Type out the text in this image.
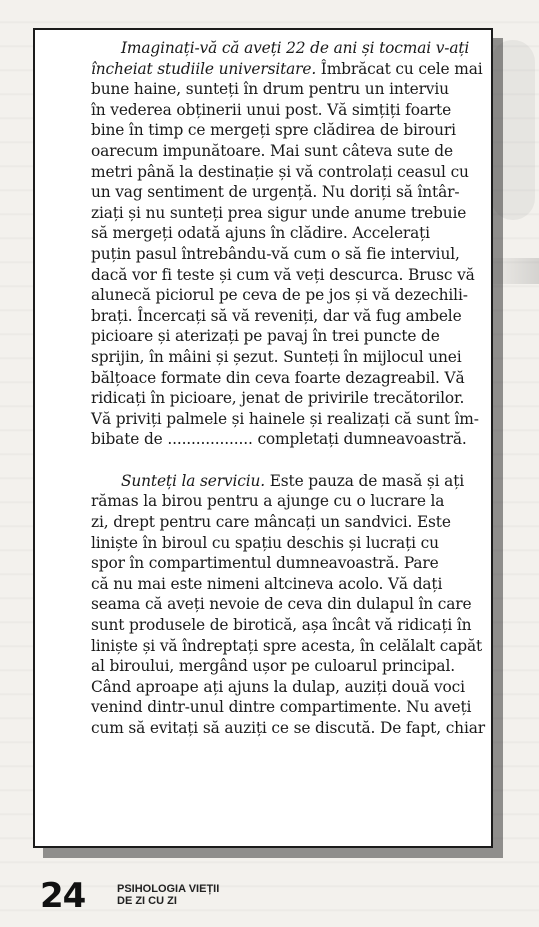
Imaginați-vă că aveți 22 de ani și tocmai v-ați
încheiat studiile universitare. Îmbrăcat cu cele mai
bune haine, sunteți în drum pentru un interviu
în vederea obținerii unui post. Vă simțiți foarte
bine în timp ce mergeți spre clădirea de birouri
oarecum impunătoare. Mai sunt câteva sute de
metri până la destinație și vă controlați ceasul cu
un vag sentiment de urgență. Nu doriți să întâr-
ziați și nu sunteți prea sigur unde anume trebuie
să mergeți odată ajuns în clădire. Accelerați
puțin pasul întrebându-vă cum o să fie interviul,
dacă vor fi teste și cum vă veți descurca. Brusc vă
alunecă piciorul pe ceva de pe jos și vă dezechili-
brați. Încercați să vă reveniți, dar vă fug ambele
picioare și aterizați pe pavaj în trei puncte de
sprijin, în mâini și șezut. Sunteți în mijlocul unei
bălțoace formate din ceva foarte dezagreabil. Vă
ridicați în picioare, jenat de privirile trecătorilor.
Vă priviți palmele și hainele și realizați că sunt îm-
bibate de .................. completați dumneavoastră.

Sunteți la serviciu. Este pauza de masă și ați
rămas la birou pentru a ajunge cu o lucrare la
zi, drept pentru care mâncați un sandvici. Este
liniște în biroul cu spațiu deschis și lucrați cu
spor în compartimentul dumneavoastră. Pare
că nu mai este nimeni altcineva acolo. Vă dați
seama că aveți nevoie de ceva din dulapul în care
sunt produsele de birotică, așa încât vă ridicați în
liniște și vă îndreptați spre acesta, în celălalt capăt
al biroului, mergând ușor pe culoarul principal.
Când aproape ați ajuns la dulap, auziți două voci
venind dintr-unul dintre compartimente. Nu aveți
cum să evitați să auziți ce se discută. De fapt, chiar

24	PSIHOLOGIA VIEȚII
DE ZI CU ZI
